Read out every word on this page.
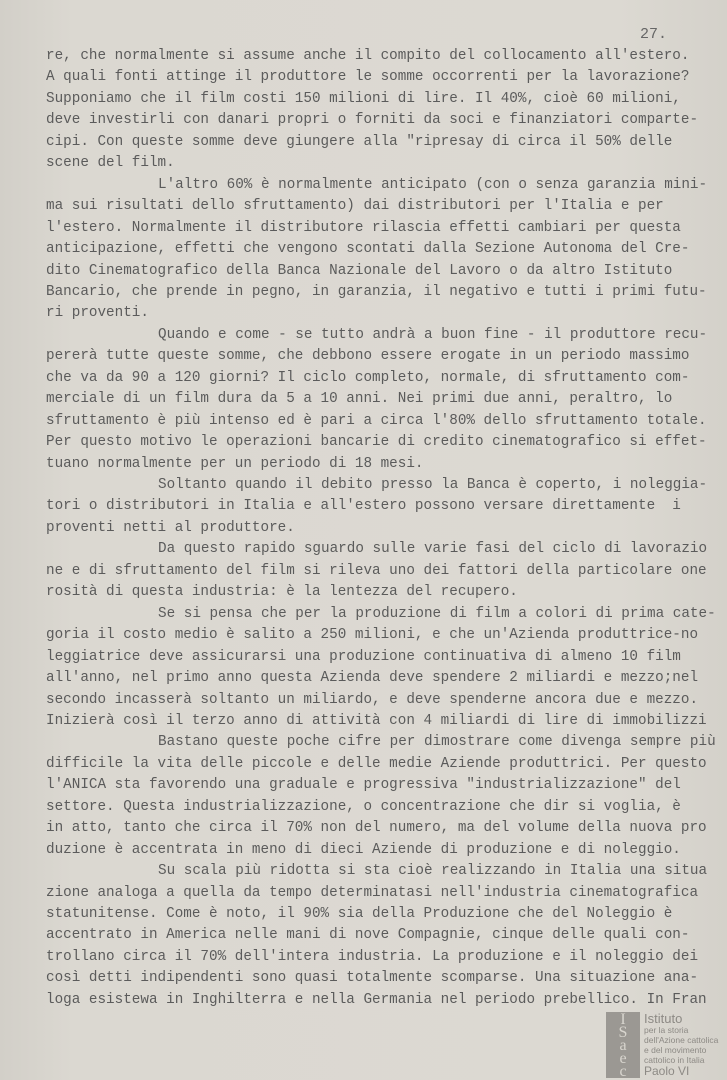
27.
re, che normalmente si assume anche il compito del collocamento all'estero.
A quali fonti attinge il produttore le somme occorrenti per la lavorazione?
Supponiamo che il film costi 150 milioni di lire. Il 40%, cioè 60 milioni,
deve investirli con danari propri o forniti da soci e finanziatori comparte-
cipi. Con queste somme deve giungere alla "ripresay di circa il 50% delle
scene del film.
L'altro 60% è normalmente anticipato (con o senza garanzia mini-
ma sui risultati dello sfruttamento) dai distributori per l'Italia e per
l'estero. Normalmente il distributore rilascia effetti cambiari per questa
anticipazione, effetti che vengono scontati dalla Sezione Autonoma del Cre-
dito Cinematografico della Banca Nazionale del Lavoro o da altro Istituto
Bancario, che prende in pegno, in garanzia, il negativo e tutti i primi futu-
ri proventi.
Quando e come - se tutto andrà a buon fine - il produttore recu-
pererà tutte queste somme, che debbono essere erogate in un periodo massimo
che va da 90 a 120 giorni? Il ciclo completo, normale, di sfruttamento com-
merciale di un film dura da 5 a 10 anni. Nei primi due anni, peraltro, lo
sfruttamento è più intenso ed è pari a circa l'80% dello sfruttamento totale.
Per questo motivo le operazioni bancarie di credito cinematografico si effet-
tuano normalmente per un periodo di 18 mesi.
Soltanto quando il debito presso la Banca è coperto, i noleggia-
tori o distributori in Italia e all'estero possono versare direttamente  i
proventi netti al produttore.
Da questo rapido sguardo sulle varie fasi del ciclo di lavorazio
ne e di sfruttamento del film si rileva uno dei fattori della particolare one
rosità di questa industria: è la lentezza del recupero.
Se si pensa che per la produzione di film a colori di prima cate-
goria il costo medio è salito a 250 milioni, e che un'Azienda produttrice-no
leggiatrice deve assicurarsi una produzione continuativa di almeno 10 film
all'anno, nel primo anno questa Azienda deve spendere 2 miliardi e mezzo;nel
secondo incasserà soltanto un miliardo, e deve spenderne ancora due e mezzo.
Inizierà così il terzo anno di attività con 4 miliardi di lire di immobilizzi
Bastano queste poche cifre per dimostrare come divenga sempre più
difficile la vita delle piccole e delle medie Aziende produttrici. Per questo
l'ANICA sta favorendo una graduale e progressiva "industrializzazione" del
settore. Questa industrializzazione, o concentrazione che dir si voglia, è
in atto, tanto che circa il 70% non del numero, ma del volume della nuova pro
duzione è accentrata in meno di dieci Aziende di produzione e di noleggio.
Su scala più ridotta si sta cioè realizzando in Italia una situa
zione analoga a quella da tempo determinatasi nell'industria cinematografica
statunitense. Come è noto, il 90% sia della Produzione che del Noleggio è
accentrato in America nelle mani di nove Compagnie, cinque delle quali con-
trollano circa il 70% dell'intera industria. La produzione e il noleggio dei
così detti indipendenti sono quasi totalmente scomparse. Una situazione ana-
loga esistewa in Inghilterra e nella Germania nel periodo prebellico. In Fran
I
S
a
e
c
Istituto
per la storia
dell'Azione cattolica
e del movimento
cattolico in Italia
Paolo VI
